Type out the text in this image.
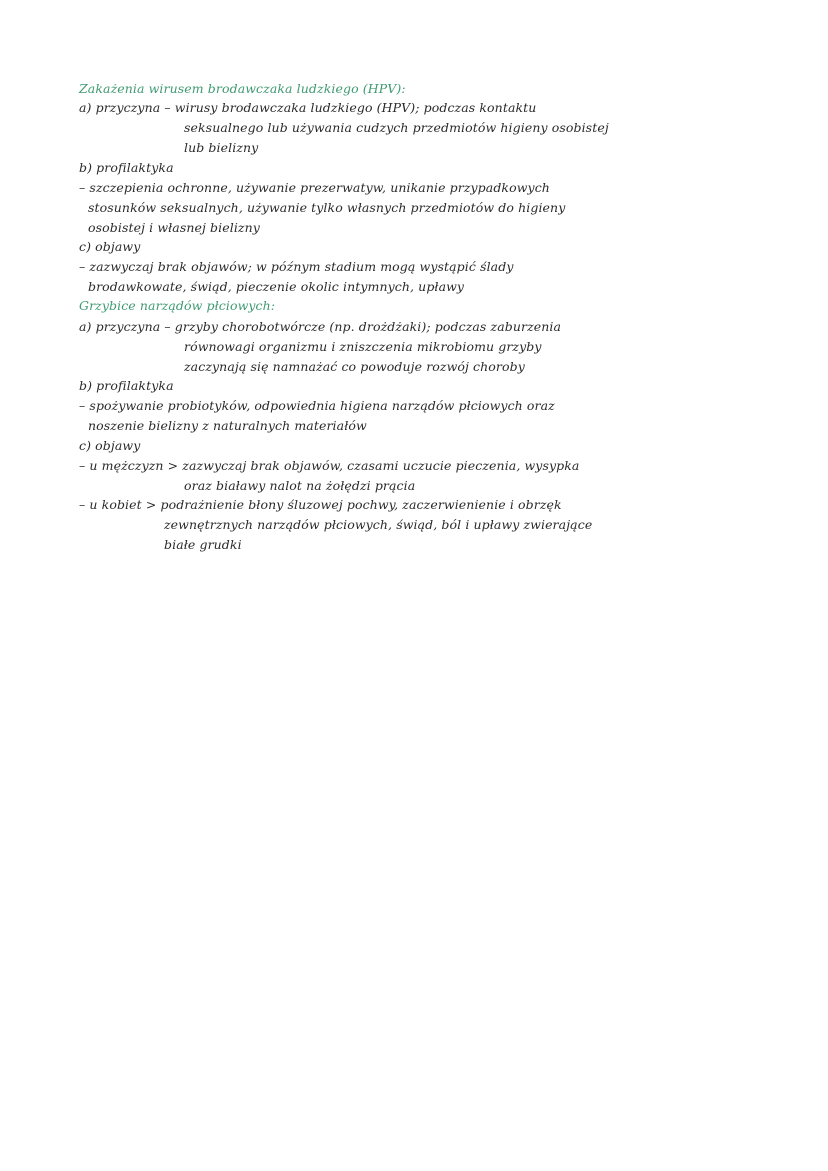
Zakażenia wirusem brodawczaka ludzkiego (HPV):
a) przyczyna – wirusy brodawczaka ludzkiego (HPV); podczas kontaktu
seksualnego lub używania cudzych przedmiotów higieny osobistej
lub bielizny
b) profilaktyka
– szczepienia ochronne, używanie prezerwatyw, unikanie przypadkowych
stosunków seksualnych, używanie tylko własnych przedmiotów do higieny
osobistej i własnej bielizny
c) objawy
– zazwyczaj brak objawów; w późnym stadium mogą wystąpić ślady
brodawkowate, świąd, pieczenie okolic intymnych, upławy
Grzybice narządów płciowych:
a) przyczyna – grzyby chorobotwórcze (np. drożdżaki); podczas zaburzenia
równowagi organizmu i zniszczenia mikrobiomu grzyby
zaczynają się namnażać co powoduje rozwój choroby
b) profilaktyka
– spożywanie probiotyków, odpowiednia higiena narządów płciowych oraz
noszenie bielizny z naturalnych materiałów
c) objawy
– u mężczyzn > zazwyczaj brak objawów, czasami uczucie pieczenia, wysypka
oraz białawy nalot na żołędzi prącia
– u kobiet > podrażnienie błony śluzowej pochwy, zaczerwienienie i obrzęk
zewnętrznych narządów płciowych, świąd, ból i upławy zwierające
białe grudki
